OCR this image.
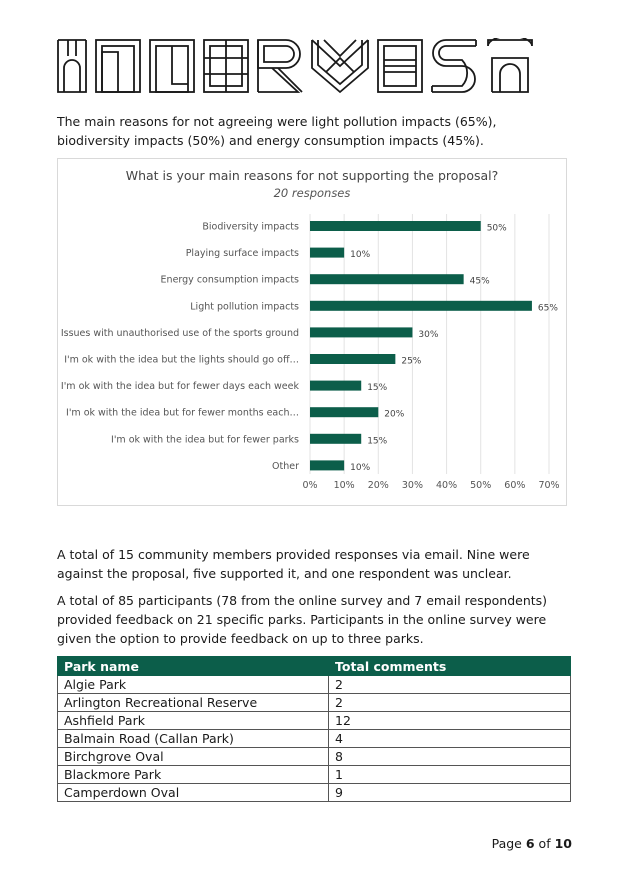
The main reasons for not agreeing were light pollution impacts (65%), biodiversity impacts (50%) and energy consumption impacts (45%).

What is your main reasons for not supporting the proposal?
20 responses
0% 10% 20% 30% 40% 50% 60% 70%
Biodiversity impacts	50%
Playing surface impacts	10%
Energy consumption impacts	45%
Light pollution impacts	65%
Issues with unauthorised use of the sports ground	30%
I'm ok with the idea but the lights should go off…	25%
I'm ok with the idea but for fewer days each week	15%
I'm ok with the idea but for fewer months each…	20%
I'm ok with the idea but for fewer parks	15%
Other	10%

A total of 15 community members provided responses via email. Nine were against the proposal, five supported it, and one respondent was unclear.

A total of 85 participants (78 from the online survey and 7 email respondents) provided feedback on 21 specific parks. Participants in the online survey were given the option to provide feedback on up to three parks.

Park name	Total comments
Algie Park	2
Arlington Recreational Reserve	2
Ashfield Park	12
Balmain Road (Callan Park)	4
Birchgrove Oval	8
Blackmore Park	1
Camperdown Oval	9
Page 6 of 10
